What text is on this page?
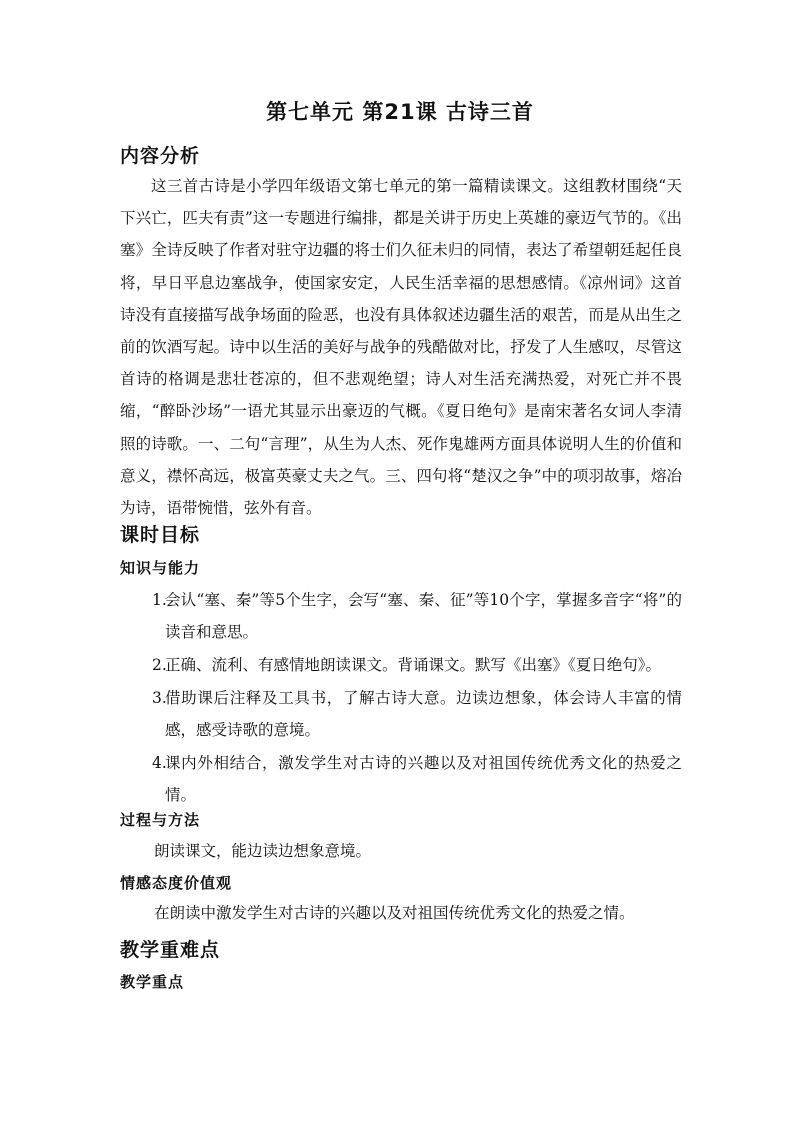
第七单元 第21课 古诗三首
内容分析

这三首古诗是小学四年级语文第七单元的第一篇精读课文。这组教材围绕“天下兴亡，匹夫有责”这一专题进行编排，都是关讲于历史上英雄的豪迈气节的。《出塞》全诗反映了作者对驻守边疆的将士们久征未归的同情，表达了希望朝廷起任良将，早日平息边塞战争，使国家安定，人民生活幸福的思想感情。《凉州词》这首诗没有直接描写战争场面的险恶，也没有具体叙述边疆生活的艰苦，而是从出生之前的饮酒写起。诗中以生活的美好与战争的残酷做对比，抒发了人生感叹，尽管这首诗的格调是悲壮苍凉的，但不悲观绝望；诗人对生活充满热爱，对死亡并不畏缩，“醉卧沙场”一语尤其显示出豪迈的气概。《夏日绝句》是南宋著名女词人李清照的诗歌。一、二句“言理”，从生为人杰、死作鬼雄两方面具体说明人生的价值和意义，襟怀高远，极富英豪丈夫之气。三、四句将“楚汉之争”中的项羽故事，熔冶为诗，语带惋惜，弦外有音。

课时目标
知识与能力
1.
会认“塞、秦”等5个生字，会写“塞、秦、征”等10个字，掌握多音字“将”的读音和意思。
2.
正确、流利、有感情地朗读课文。背诵课文。默写《出塞》《夏日绝句》。
3.
借助课后注释及工具书，了解古诗大意。边读边想象，体会诗人丰富的情感，感受诗歌的意境。
4.
课内外相结合，激发学生对古诗的兴趣以及对祖国传统优秀文化的热爱之情。
过程与方法
朗读课文，能边读边想象意境。
情感态度价值观
在朗读中激发学生对古诗的兴趣以及对祖国传统优秀文化的热爱之情。
教学重难点
教学重点
